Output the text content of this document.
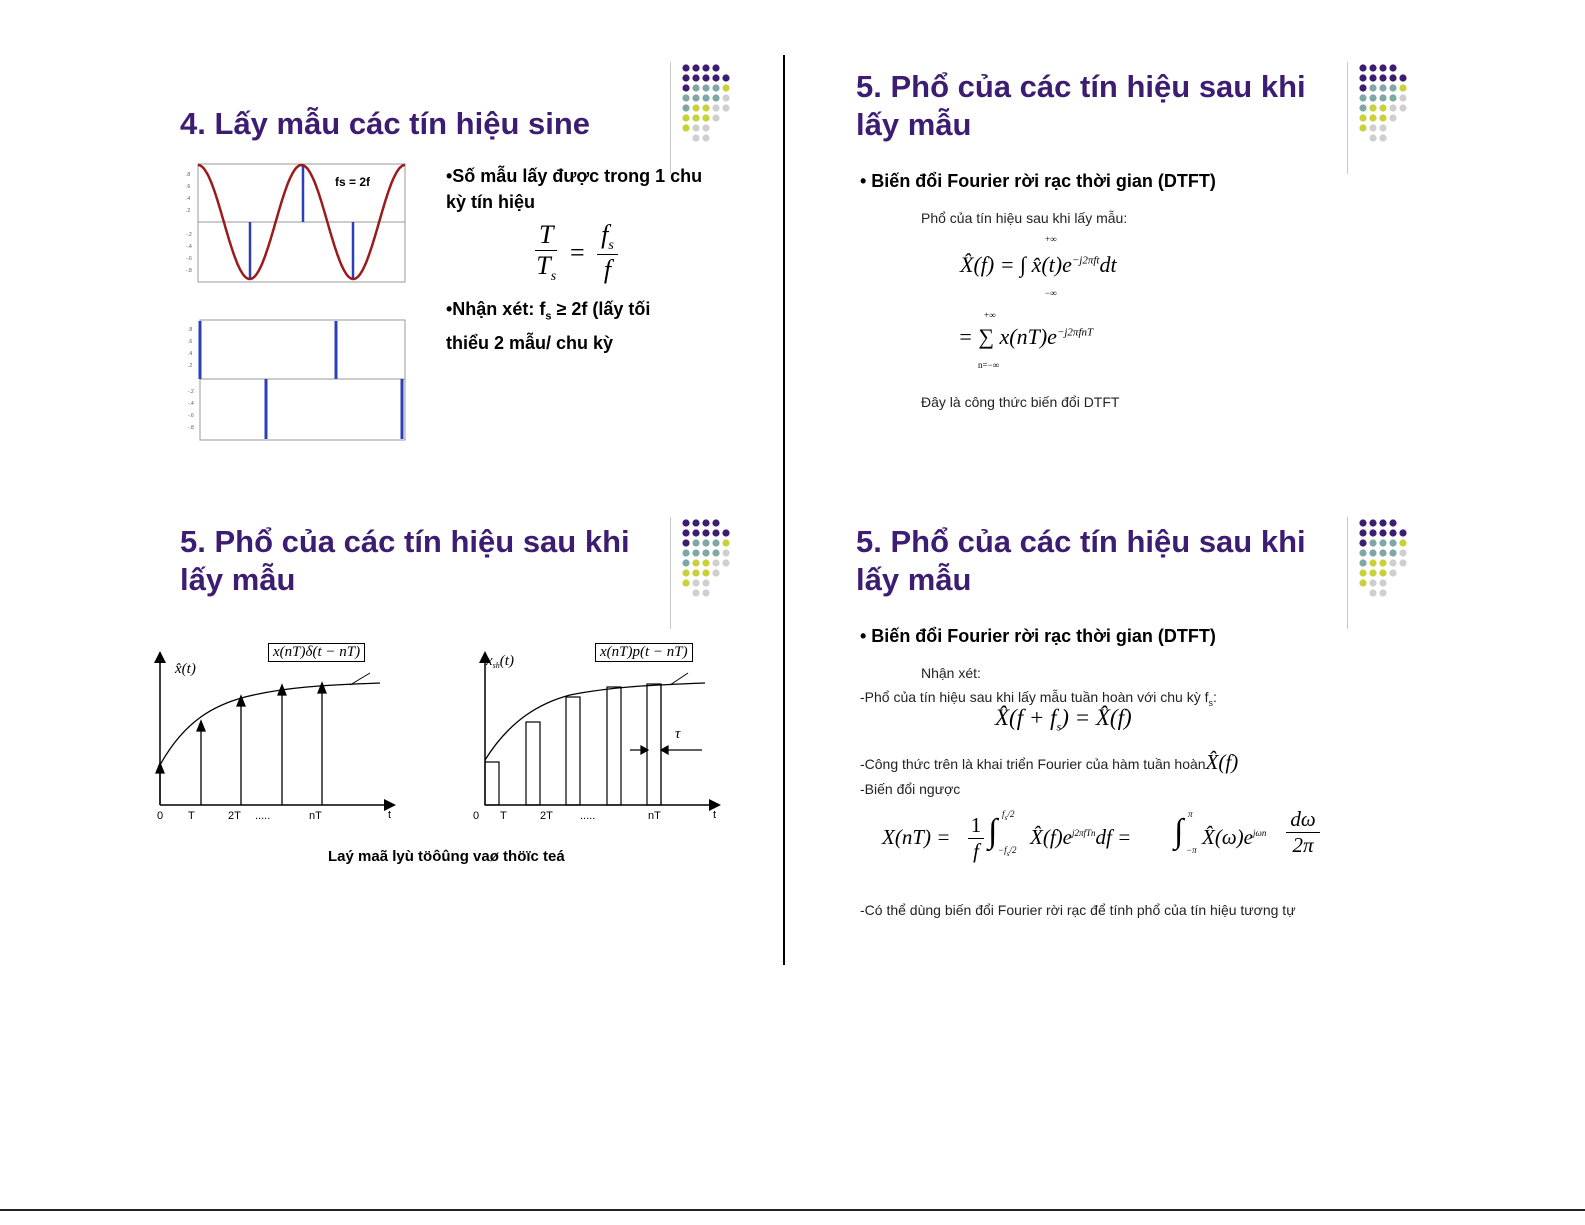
4. Lấy mẫu các tín hiệu sine
.8
.6
.4
.2
-.2
-.4
-.6
-.8
fs = 2f
.8
.6
.4
.2
-.2
-.4
-.6
-.8
•Số mẫu lấy được trong 1 chu kỳ tín hiệu
$\frac{T}{T_s} = \frac{f_s}{f}$
•Nhận xét: $f_s \ge 2f$ (lấy tối thiểu 2 mẫu/ chu kỳ
5. Phổ của các tín hiệu sau khi
lấy mẫu
• Biến đổi Fourier rời rạc thời gian (DTFT)
Phổ của tín hiệu sau khi lấy mẫu:
+∞
−∞
X̂(f) = ∫ $x̂(t)e^{-j2\pi ft}dt$
+∞
n=−∞
= ∑ $x(nT)e^{-j2\pi fnT}$
Đây là công thức biến đổi DTFT
5. Phổ của các tín hiệu sau khi
lấy mẫu
x̂(t)
t
0 T	2T .....	nT
x(nT)δ(t − nT)
τ
$x_{sh}(t)$
t
0 T	2T .....	nT
x(nT)p(t − nT)
Laý maã lyù töôûng vaø thöïc teá
5. Phổ của các tín hiệu sau khi
lấy mẫu
• Biến đổi Fourier rời rạc thời gian (DTFT)
Nhận xét:
-Phổ của tín hiệu sau khi lấy mẫu tuần hoàn với chu kỳ $f_s$:
X̂(f + $f_s$) = X̂(f)
-Công thức trên là khai triển Fourier của hàm tuần hoànX̂(f)
-Biến đổi ngược
X(nT) = 1
f
∫ $f_s/2$
$-f_s/2$
$X̂(f)e^{j2\pi fTn}df$ = ∫ π
−π
$X̂(\omega)e^{j\omega n}$
dω
2π
-Có thể dùng biến đổi Fourier rời rạc để tính phổ của tín hiệu tương tự
